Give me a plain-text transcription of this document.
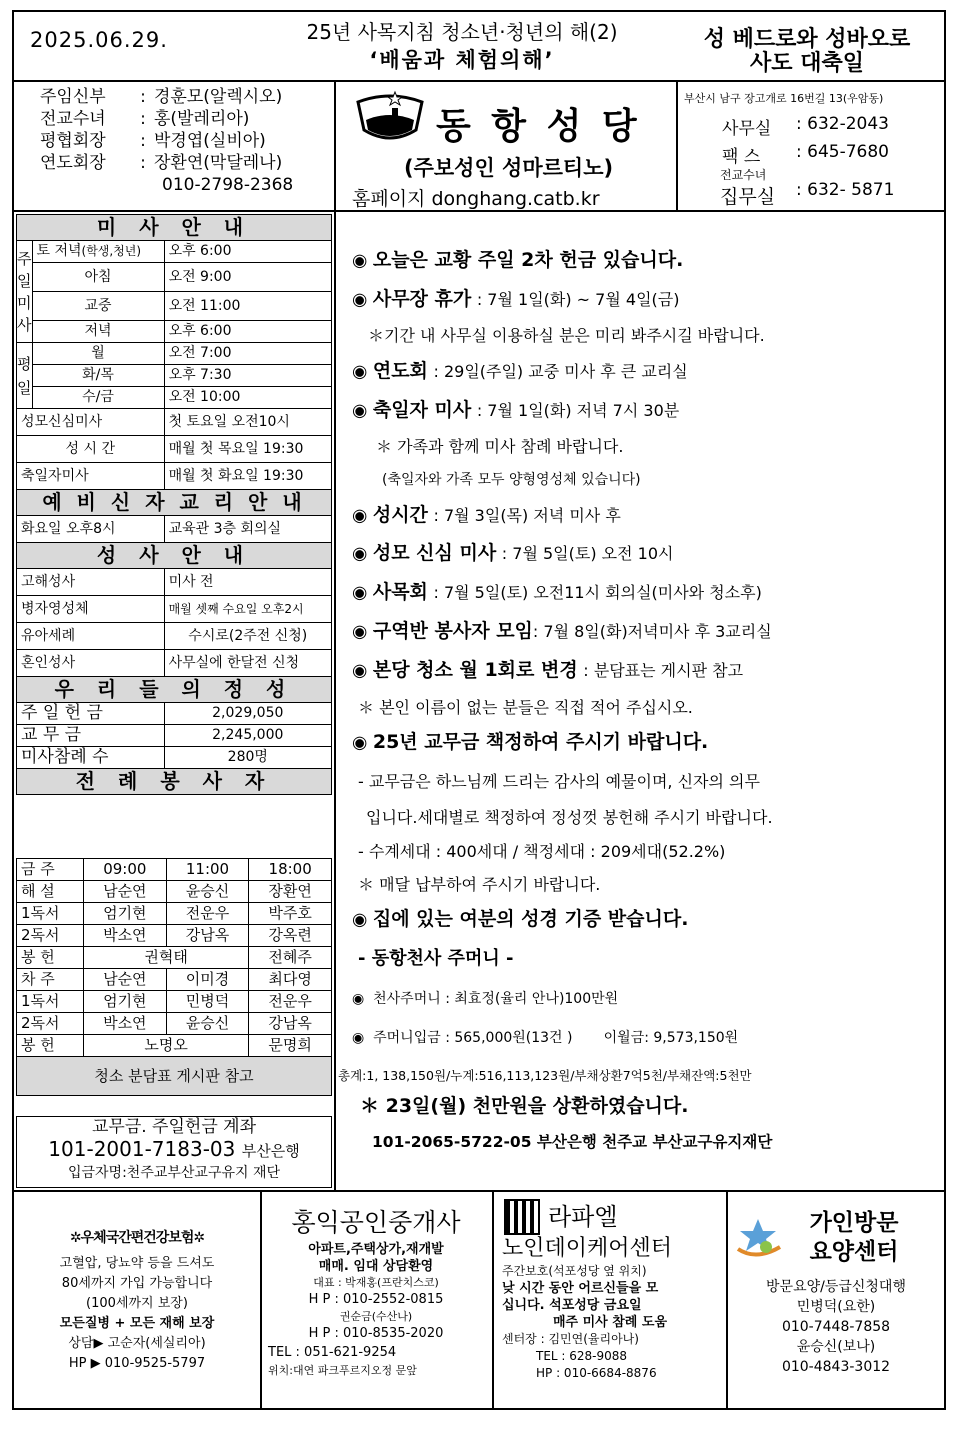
2025.06.29.	25년 사목지침 청소년·청년의 해(2)
‘배움과 체험의해’
성 베드로와 성바오로
사도 대축일
주임신부	: 경훈모(알렉시오)
전교수녀	: 홍(발레리아)
평협회장	: 박경엽(실비아)
연도회장	: 장환연(막달레나)
010-2798-2368
동 항 성 당
(주보성인 성마르티노)
홈페이지 donghang.catb.kr
부산시 남구 장고개로 16번길 13(우암동)
사무실 : 632-2043
팩 스 : 645-7680
전교수녀
집무실 : 632- 5871
미 사 안 내		
주
일
미
사	토 저녁(학생,청년)	오후 6:00
	아침	오전 9:00
	교중	오전 11:00
	저녁	오후 6:00
평
일	월	오전 7:00
	화/목	오후 7:30
	수/금	오전 10:00
성모신심미사		첫 토요일 오전10시
성 시 간		매월 첫 목요일 19:30
축일자미사		매월 첫 화요일 19:30
예 비 신 자 교 리 안 내		
화요일 오후8시		교육관 3층 회의실
성 사 안 내		
고해성사		미사 전
병자영성체		매월 셋째 수요일 오후2시
유아세례		수시로(2주전 신청)
혼인성사		사무실에 한달전 신청
우 리 들 의 정 성		
주 일 헌 금		2,029,050
교 무 금		2,245,000
미사참례 수		280명
전 례 봉 사 자		
금 주	09:00	11:00	18:00
해 설	남순연	윤승신	장환연
1독서	엄기현	전운우	박주호
2독서	박소연	강남옥	강옥련
봉 헌	권혁태		전혜주
차 주	남순연	이미경	최다영
1독서	엄기현	민병덕	전운우
2독서	박소연	윤승신	강남옥
봉 헌	노명오		문명희
청소 분담표 게시판 참고			
교무금. 주일헌금 계좌
101-2001-7183-03 부산은행
입금자명:천주교부산교구유지 재단
◉ 오늘은 교황 주일 2차 헌금 있습니다.
◉ 사무장 휴가 : 7월 1일(화) ~ 7월 4일(금)
＊기간 내 사무실 이용하실 분은 미리 봐주시길 바랍니다.
◉ 연도회 : 29일(주일) 교중 미사 후 큰 교리실
◉ 축일자 미사 : 7월 1일(화) 저녁 7시 30분
＊ 가족과 함께 미사 참례 바랍니다.
(축일자와 가족 모두 양형영성체 있습니다)
◉ 성시간 : 7월 3일(목) 저녁 미사 후
◉ 성모 신심 미사 : 7월 5일(토) 오전 10시
◉ 사목회 : 7월 5일(토) 오전11시 회의실(미사와 청소후)
◉ 구역반 봉사자 모임: 7월 8일(화)저녁미사 후 3교리실
◉ 본당 청소 월 1회로 변경 : 분담표는 게시판 참고
＊ 본인 이름이 없는 분들은 직접 적어 주십시오.
◉ 25년 교무금 책정하여 주시기 바랍니다.
- 교무금은 하느님께 드리는 감사의 예물이며, 신자의 의무
입니다.세대별로 책정하여 정성껏 봉헌해 주시기 바랍니다.
- 수계세대 : 400세대 / 책정세대 : 209세대(52.2%)
＊ 매달 납부하여 주시기 바랍니다.
◉ 집에 있는 여분의 성경 기증 받습니다.
- 동항천사 주머니 -
◉  천사주머니 : 최효정(율리 안나)100만원
◉  주머니입금 : 565,000원(13건 ) 이월금: 9,573,150원
총계:1, 138,150원/누계:516,113,123원/부채상환7억5천/부채잔액:5천만
＊ 23일(월) 천만원을 상환하였습니다.
101-2065-5722-05 부산은행 천주교 부산교구유지재단
✲우체국간편건강보험✲
고혈압, 당뇨약 등을 드셔도
80세까지 가입 가능합니다
(100세까지 보장)
모든질병 + 모든 재해 보장
상담▶ 고순자(세실리아)
HP ▶ 010-9525-5797
홍익공인중개사
아파트,주택상가,재개발
매매. 임대 상담환영
대표 : 박재홍(프란치스코)
H P : 010-2552-0815
권순금(수산나)
H P : 010-8535-2020
TEL : 051-621-9254
위치:대연 파크푸르지오정 문앞
라파엘
노인데이케어센터
주간보호(석포성당 옆 위치)
낮 시간 동안 어르신들을 모
십니다. 석포성당 금요일
매주 미사 참례 도움
센터장 : 김민연(율리아나)
TEL : 628-9088
HP : 010-6684-8876
가인방문
요양센터
방문요양/등급신청대행
민병덕(요한)
010-7448-7858
윤승신(보나)
010-4843-3012
